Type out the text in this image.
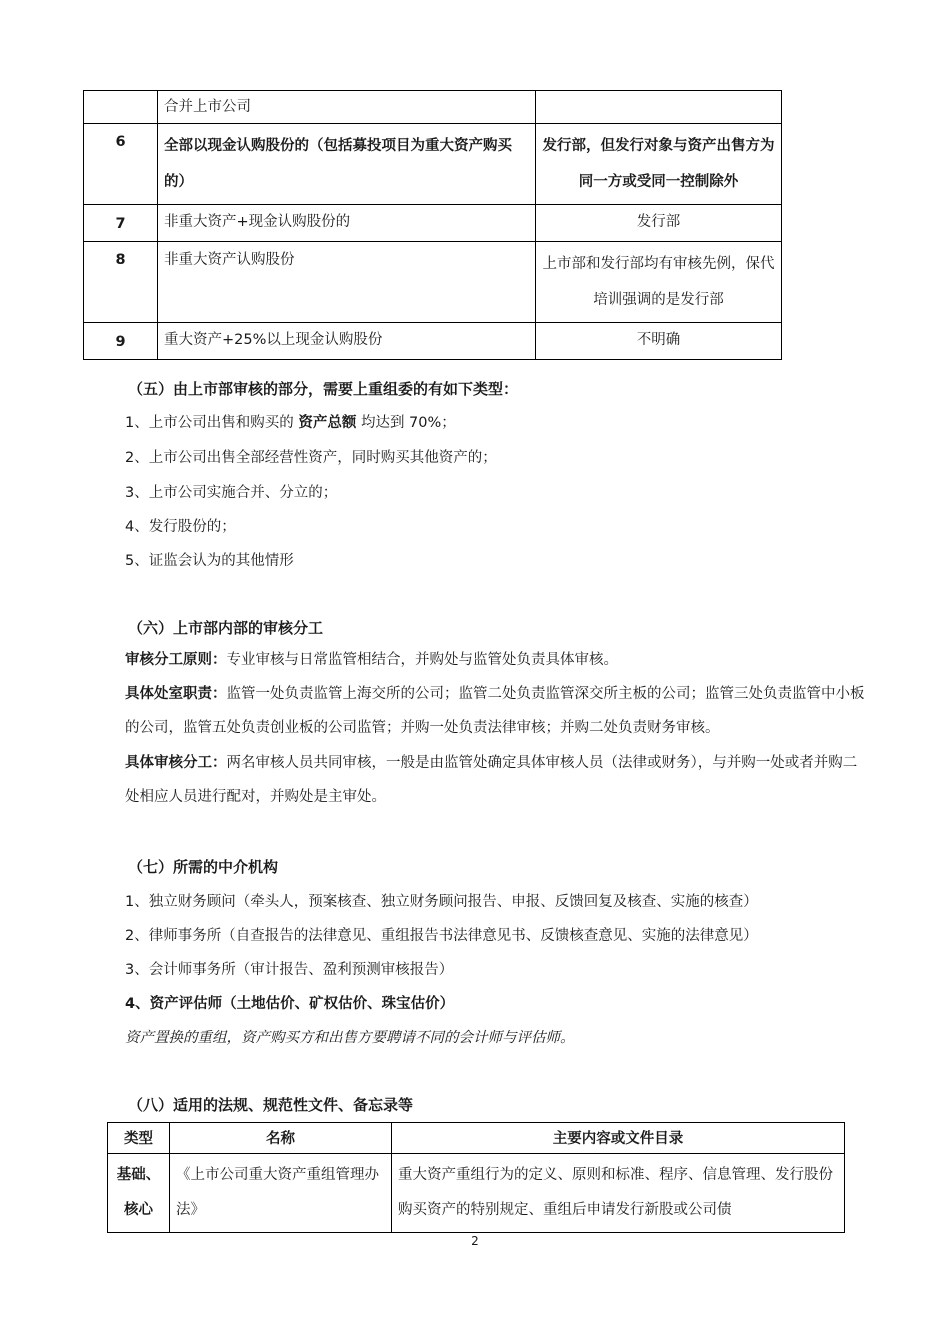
	合并上市公司	
6	全部以现金认购股份的（包括募投项目为重大资产购买的）	发行部，但发行对象与资产出售方为同一方或受同一控制除外
7	非重大资产+现金认购股份的	发行部
8	非重大资产认购股份	上市部和发行部均有审核先例，保代培训强调的是发行部
9	重大资产+25%以上现金认购股份	不明确
（五）由上市部审核的部分，需要上重组委的有如下类型：
1、上市公司出售和购买的 资产总额 均达到 70%；
2、上市公司出售全部经营性资产，同时购买其他资产的；
3、上市公司实施合并、分立的；
4、发行股份的；
5、证监会认为的其他情形
（六）上市部内部的审核分工
审核分工原则：专业审核与日常监管相结合，并购处与监管处负责具体审核。
具体处室职责：监管一处负责监管上海交所的公司；监管二处负责监管深交所主板的公司；监管三处负责监管中小板的公司，监管五处负责创业板的公司监管；并购一处负责法律审核；并购二处负责财务审核。
具体审核分工：两名审核人员共同审核，一般是由监管处确定具体审核人员（法律或财务），与并购一处或者并购二处相应人员进行配对，并购处是主审处。
（七）所需的中介机构
1、独立财务顾问（牵头人，预案核查、独立财务顾问报告、申报、反馈回复及核查、实施的核查）
2、律师事务所（自查报告的法律意见、重组报告书法律意见书、反馈核查意见、实施的法律意见）
3、会计师事务所（审计报告、盈利预测审核报告）
4、资产评估师（土地估价、矿权估价、珠宝估价）
资产置换的重组，资产购买方和出售方要聘请不同的会计师与评估师。
（八）适用的法规、规范性文件、备忘录等
类型	名称	主要内容或文件目录
基础、核心	《上市公司重大资产重组管理办法》	重大资产重组行为的定义、原则和标准、程序、信息管理、发行股份购买资产的特别规定、重组后申请发行新股或公司债
2
